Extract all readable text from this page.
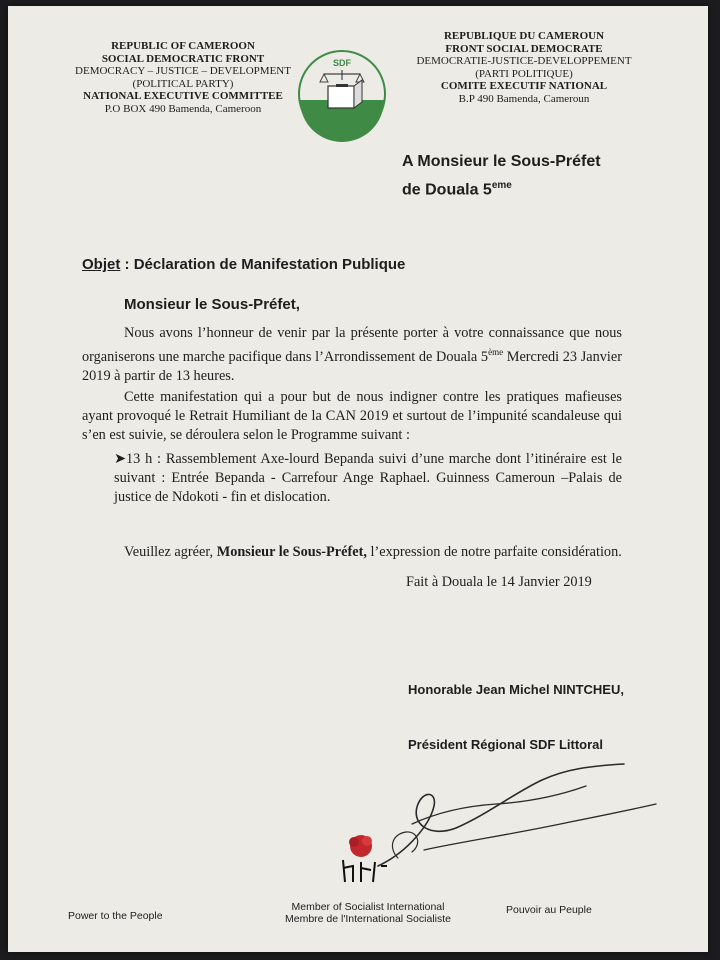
REPUBLIC OF CAMEROON
SOCIAL DEMOCRATIC FRONT
DEMOCRACY – JUSTICE – DEVELOPMENT
(POLITICAL PARTY)
NATIONAL EXECUTIVE COMMITTEE
P.O BOX 490 Bamenda, Cameroon
SDF
REPUBLIQUE DU CAMEROUN
FRONT SOCIAL DEMOCRATE
DEMOCRATIE-JUSTICE-DEVELOPPEMENT
(PARTI POLITIQUE)
COMITE EXECUTIF NATIONAL
B.P 490 Bamenda, Cameroun
A Monsieur le Sous-Préfet
de Douala 5eme
Objet : Déclaration de Manifestation Publique
Monsieur le Sous-Préfet,
Nous avons l’honneur de venir par la présente porter à votre connaissance que nous organiserons une marche pacifique dans l’Arrondissement de Douala 5ème Mercredi 23 Janvier 2019 à partir de 13 heures.
Cette manifestation qui a pour but de nous indigner contre les pratiques mafieuses ayant provoqué le Retrait Humiliant de la CAN 2019 et surtout de l’impunité scandaleuse qui s’en est suivie, se déroulera selon le Programme suivant :
➤13 h : Rassemblement Axe-lourd Bepanda suivi d’une marche dont l’itinéraire est le suivant : Entrée Bepanda - Carrefour Ange Raphael. Guinness Cameroun –Palais de justice de Ndokoti - fin et dislocation.
Veuillez agréer, Monsieur le Sous-Préfet, l’expression de notre parfaite considération.
Fait à Douala le 14 Janvier 2019
Honorable Jean Michel NINTCHEU,
Président Régional SDF Littoral
Power to the People
Member of Socialist International
Membre de l'International Socialiste
Pouvoir au Peuple
